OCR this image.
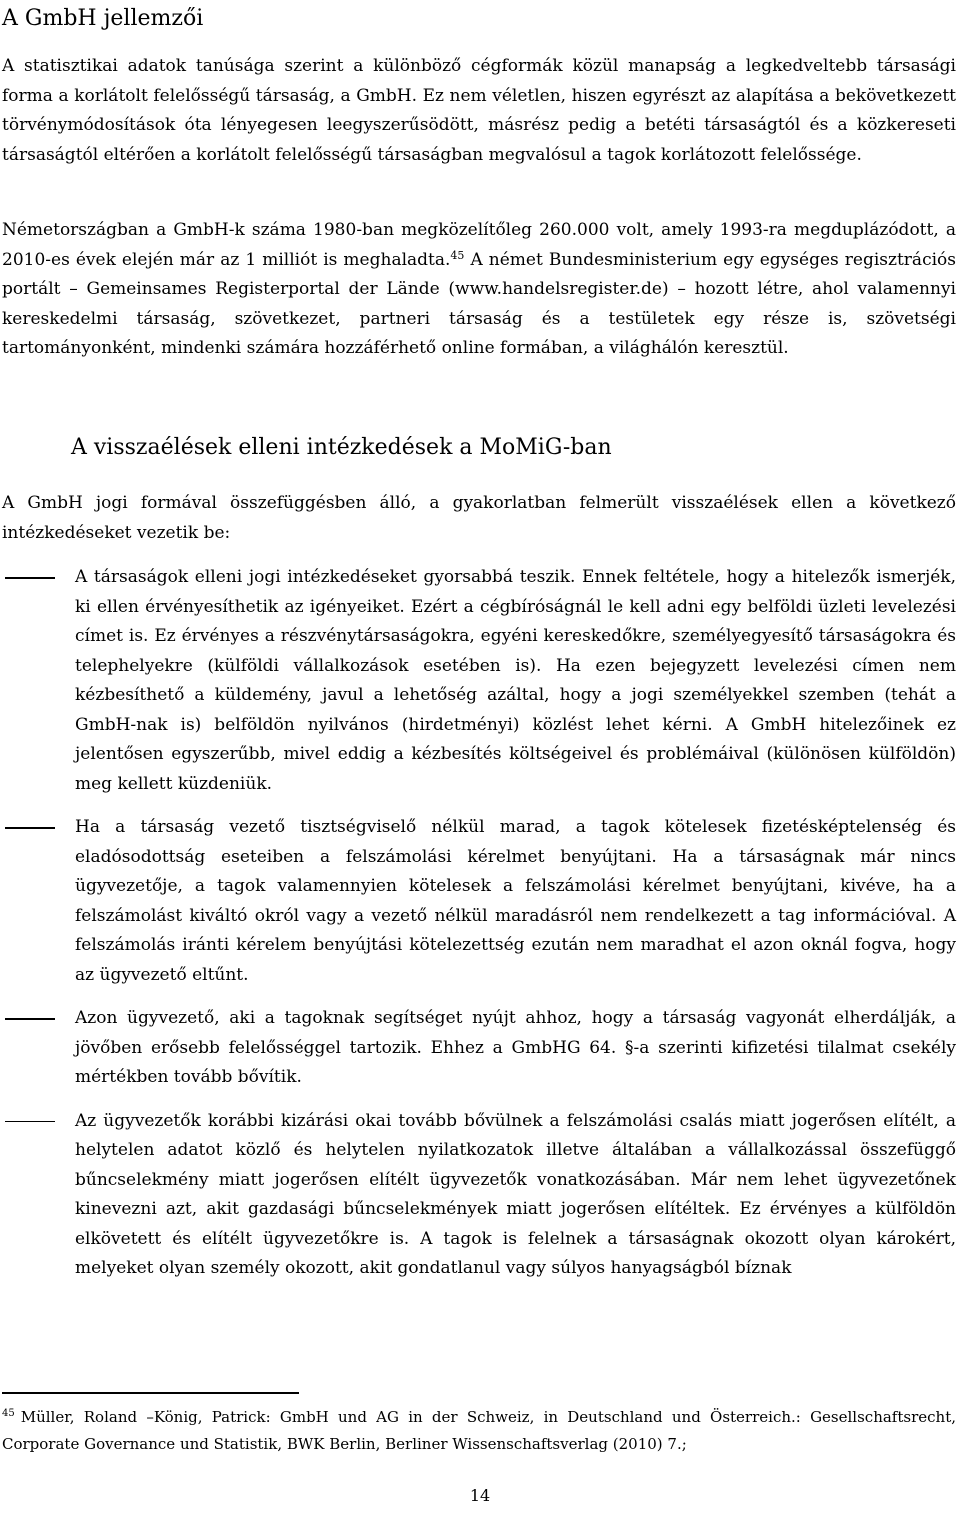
A GmbH jellemzői

A statisztikai adatok tanúsága szerint a különböző cégformák közül manapság a legkedveltebb társasági forma a korlátolt felelősségű társaság, a GmbH. Ez nem véletlen, hiszen egyrészt az alapítása a bekövetkezett törvénymódosítások óta lényegesen leegyszerűsödött, másrész pedig a betéti társaságtól és a közkereseti társaságtól eltérően a korlátolt felelősségű társaságban megvalósul a tagok korlátozott felelőssége.

Németországban a GmbH-k száma 1980-ban megközelítőleg 260.000 volt, amely 1993-ra megduplázódott, a 2010-es évek elején már az 1 milliót is meghaladta.$^{45}$ A német Bundesministerium egy egységes regisztrációs portált – Gemeinsames Registerportal der Lände (www.handelsregister.de) – hozott létre, ahol valamennyi kereskedelmi társaság, szövetkezet, partneri társaság és a testületek egy része is, szövetségi tartományonként, mindenki számára hozzáférhető online formában, a világhálón keresztül.

A visszaélések elleni intézkedések a MoMiG-ban

A GmbH jogi formával összefüggésben álló, a gyakorlatban felmerült visszaélések ellen a következő intézkedéseket vezetik be:

A társaságok elleni jogi intézkedéseket gyorsabbá teszik. Ennek feltétele, hogy a hitelezők ismerjék, ki ellen érvényesíthetik az igényeiket. Ezért a cégbíróságnál le kell adni egy belföldi üzleti levelezési címet is. Ez érvényes a részvénytársaságokra, egyéni kereskedőkre, személyegyesítő társaságokra és telephelyekre (külföldi vállalkozások esetében is). Ha ezen bejegyzett levelezési címen nem kézbesíthető a küldemény, javul a lehetőség azáltal, hogy a jogi személyekkel szemben (tehát a GmbH-nak is) belföldön nyilvános (hirdetményi) közlést lehet kérni. A GmbH hitelezőinek ez jelentősen egyszerűbb, mivel eddig a kézbesítés költségeivel és problémáival (különösen külföldön) meg kellett küzdeniük.
Ha a társaság vezető tisztségviselő nélkül marad, a tagok kötelesek fizetésképtelenség és eladósodottság eseteiben a felszámolási kérelmet benyújtani. Ha a társaságnak már nincs ügyvezetője, a tagok valamennyien kötelesek a felszámolási kérelmet benyújtani, kivéve, ha a felszámolást kiváltó okról vagy a vezető nélkül maradásról nem rendelkezett a tag információval. A felszámolás iránti kérelem benyújtási kötelezettség ezután nem maradhat el azon oknál fogva, hogy az ügyvezető eltűnt.
Azon ügyvezető, aki a tagoknak segítséget nyújt ahhoz, hogy a társaság vagyonát elherdálják, a jövőben erősebb felelősséggel tartozik. Ehhez a GmbHG 64. §-a szerinti kifizetési tilalmat csekély mértékben tovább bővítik.
Az ügyvezetők korábbi kizárási okai tovább bővülnek a felszámolási csalás miatt jogerősen elítélt, a helytelen adatot közlő és helytelen nyilatkozatok illetve általában a vállalkozással összefüggő bűncselekmény miatt jogerősen elítélt ügyvezetők vonatkozásában. Már nem lehet ügyvezetőnek kinevezni azt, akit gazdasági bűncselekmények miatt jogerősen elítéltek. Ez érvényes a külföldön elkövetett és elítélt ügyvezetőkre is. A tagok is felelnek a társaságnak okozott olyan károkért, melyeket olyan személy okozott, akit gondatlanul vagy súlyos hanyagságból bíznak

$^{45}$ Müller, Roland –König, Patrick: GmbH und AG in der Schweiz, in Deutschland und Österreich.: Gesellschaftsrecht, Corporate Governance und Statistik, BWK Berlin, Berliner Wissenschaftsverlag (2010) 7.;

14
